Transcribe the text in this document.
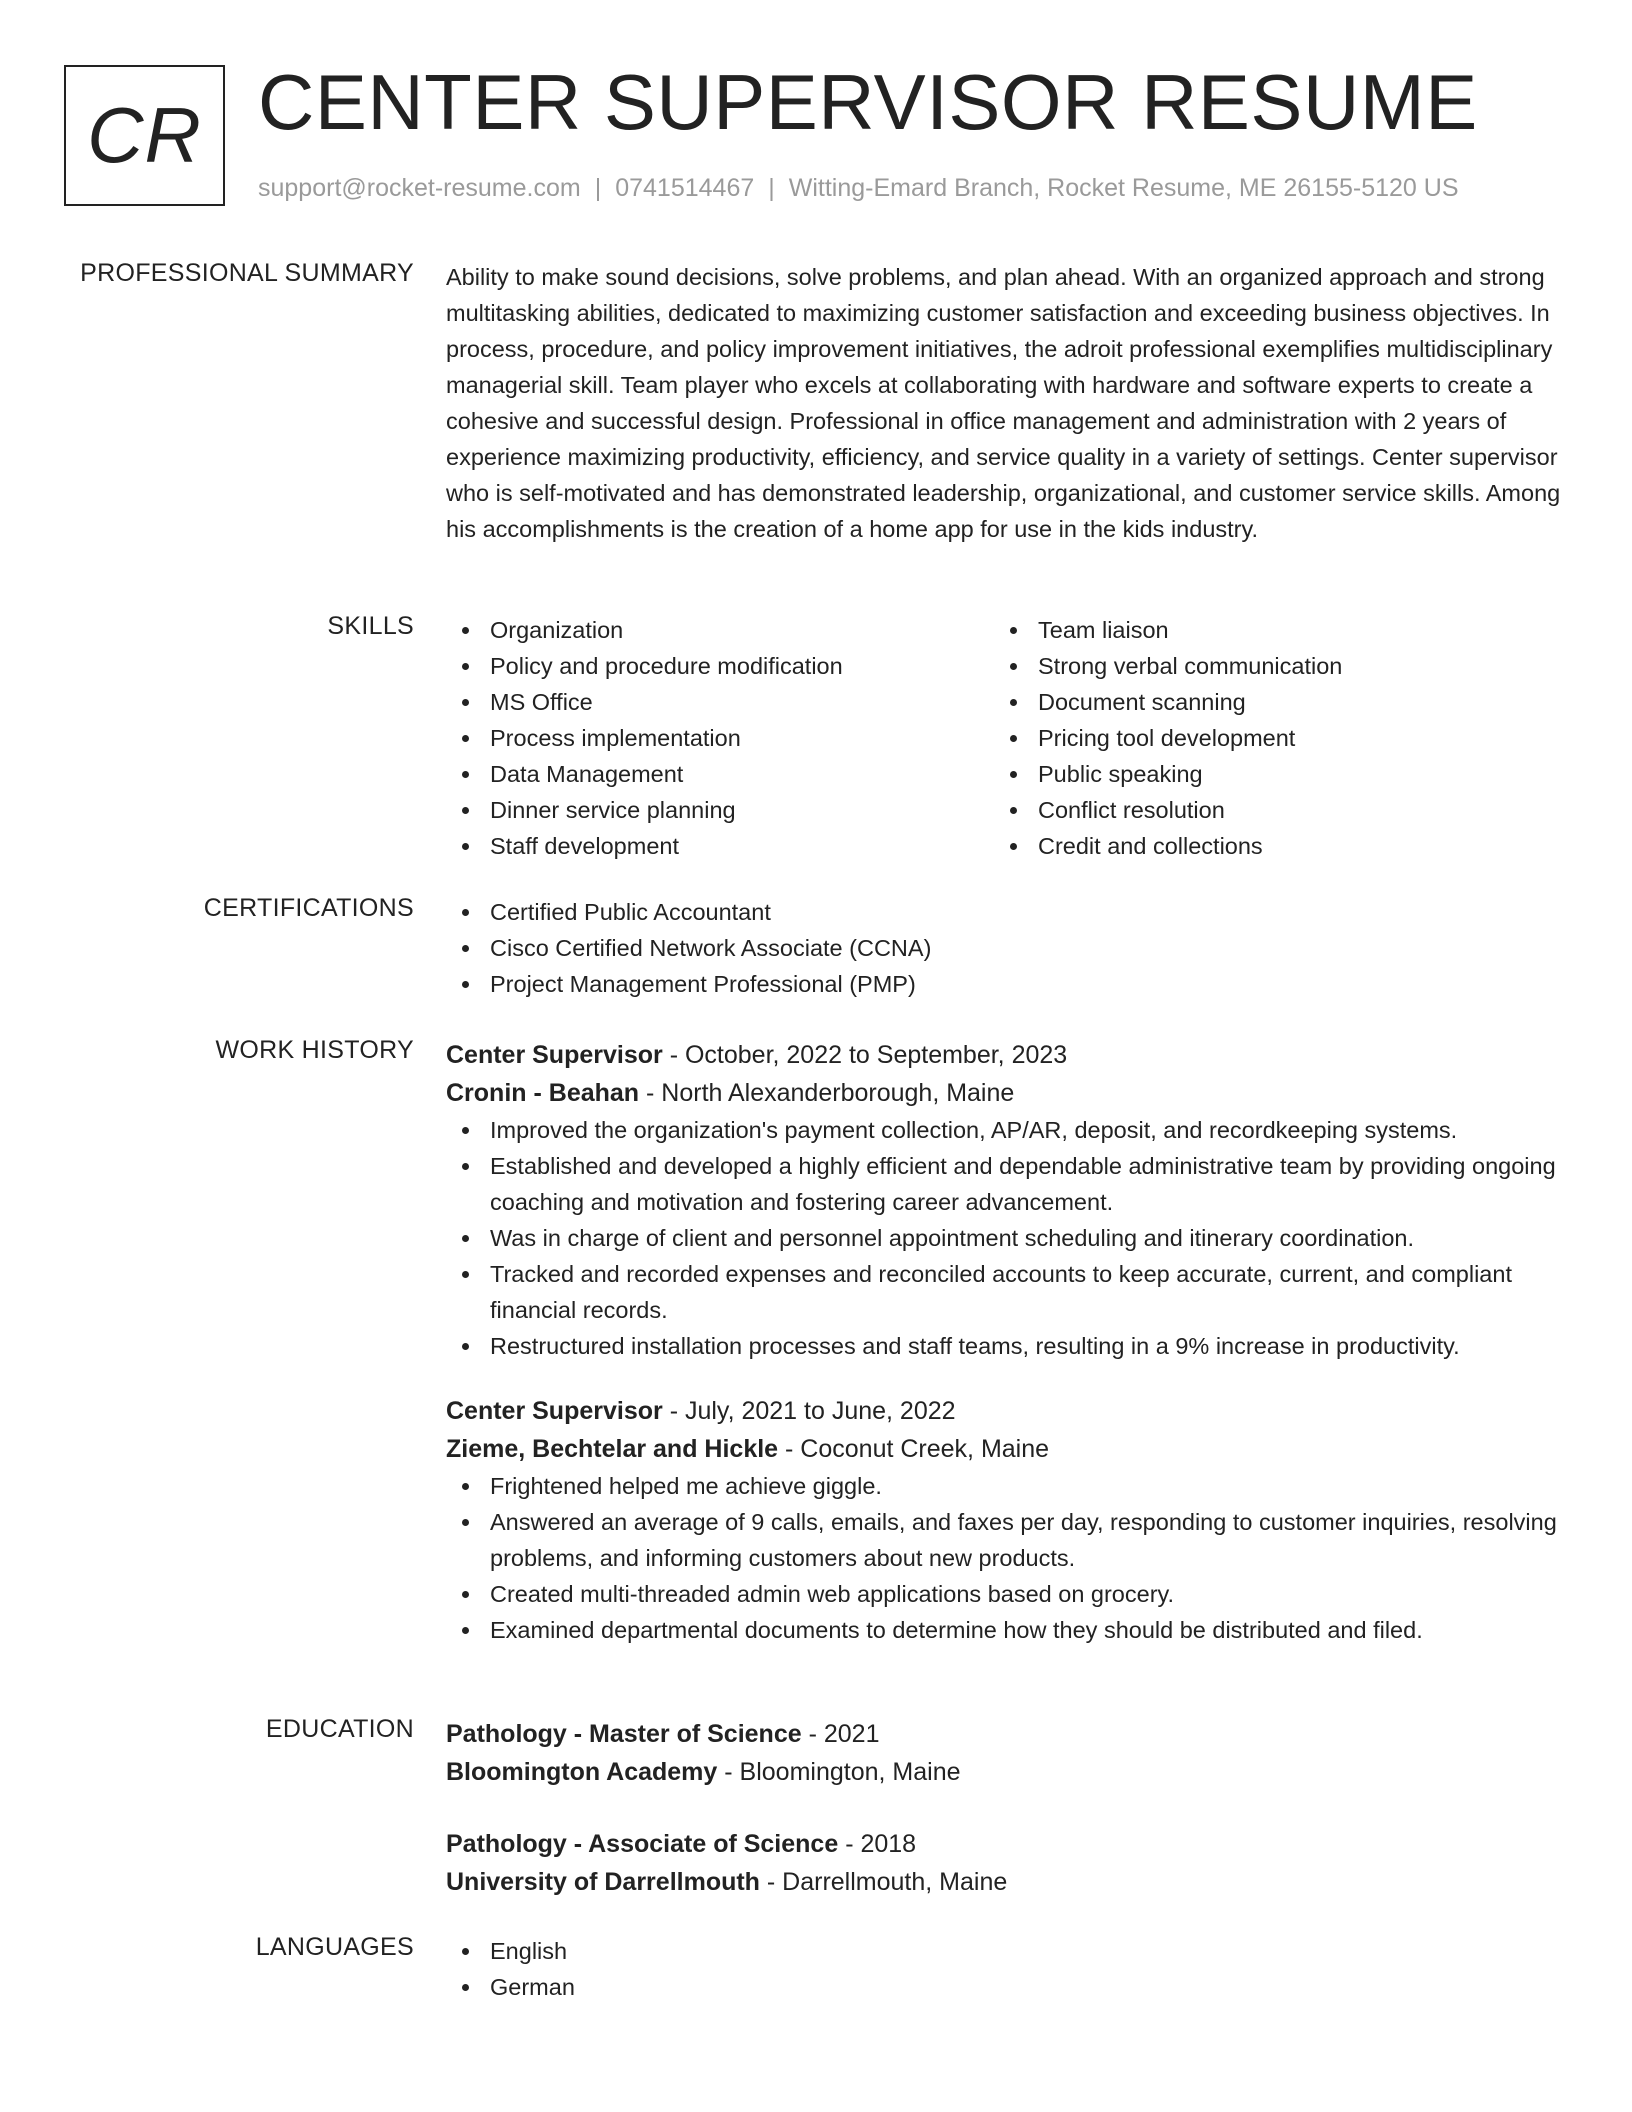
CR CENTER SUPERVISOR RESUME
support@rocket-resume.com | 0741514467 | Witting-Emard Branch, Rocket Resume, ME 26155-5120 US
PROFESSIONAL SUMMARY Ability to make sound decisions, solve problems, and plan ahead. With an organized approach and strong multitasking abilities, dedicated to maximizing customer satisfaction and exceeding business objectives. In process, procedure, and policy improvement initiatives, the adroit professional exemplifies multidisciplinary managerial skill. Team player who excels at collaborating with hardware and software experts to create a cohesive and successful design. Professional in office management and administration with 2 years of experience maximizing productivity, efficiency, and service quality in a variety of settings. Center supervisor who is self-motivated and has demonstrated leadership, organizational, and customer service skills. Among his accomplishments is the creation of a home app for use in the kids industry.

SKILLS	Organization
Policy and procedure modification
MS Office
Process implementation
Data Management
Dinner service planning
Staff development
Team liaison
Strong verbal communication
Document scanning
Pricing tool development
Public speaking
Conflict resolution
Credit and collections
CERTIFICATIONS	Certified Public Accountant
Cisco Certified Network Associate (CCNA)
Project Management Professional (PMP)
WORK HISTORY Center Supervisor - October, 2022 to September, 2023
Cronin - Beahan - North Alexanderborough, Maine
Improved the organization's payment collection, AP/AR, deposit, and recordkeeping systems.
Established and developed a highly efficient and dependable administrative team by providing ongoing coaching and motivation and fostering career advancement.
Was in charge of client and personnel appointment scheduling and itinerary coordination.
Tracked and recorded expenses and reconciled accounts to keep accurate, current, and compliant financial records.
Restructured installation processes and staff teams, resulting in a 9% increase in productivity.
Center Supervisor - July, 2021 to June, 2022
Zieme, Bechtelar and Hickle - Coconut Creek, Maine
Frightened helped me achieve giggle.
Answered an average of 9 calls, emails, and faxes per day, responding to customer inquiries, resolving problems, and informing customers about new products.
Created multi-threaded admin web applications based on grocery.
Examined departmental documents to determine how they should be distributed and filed.
EDUCATION Pathology - Master of Science - 2021
Bloomington Academy - Bloomington, Maine
Pathology - Associate of Science - 2018
University of Darrellmouth - Darrellmouth, Maine
LANGUAGES	English
German
